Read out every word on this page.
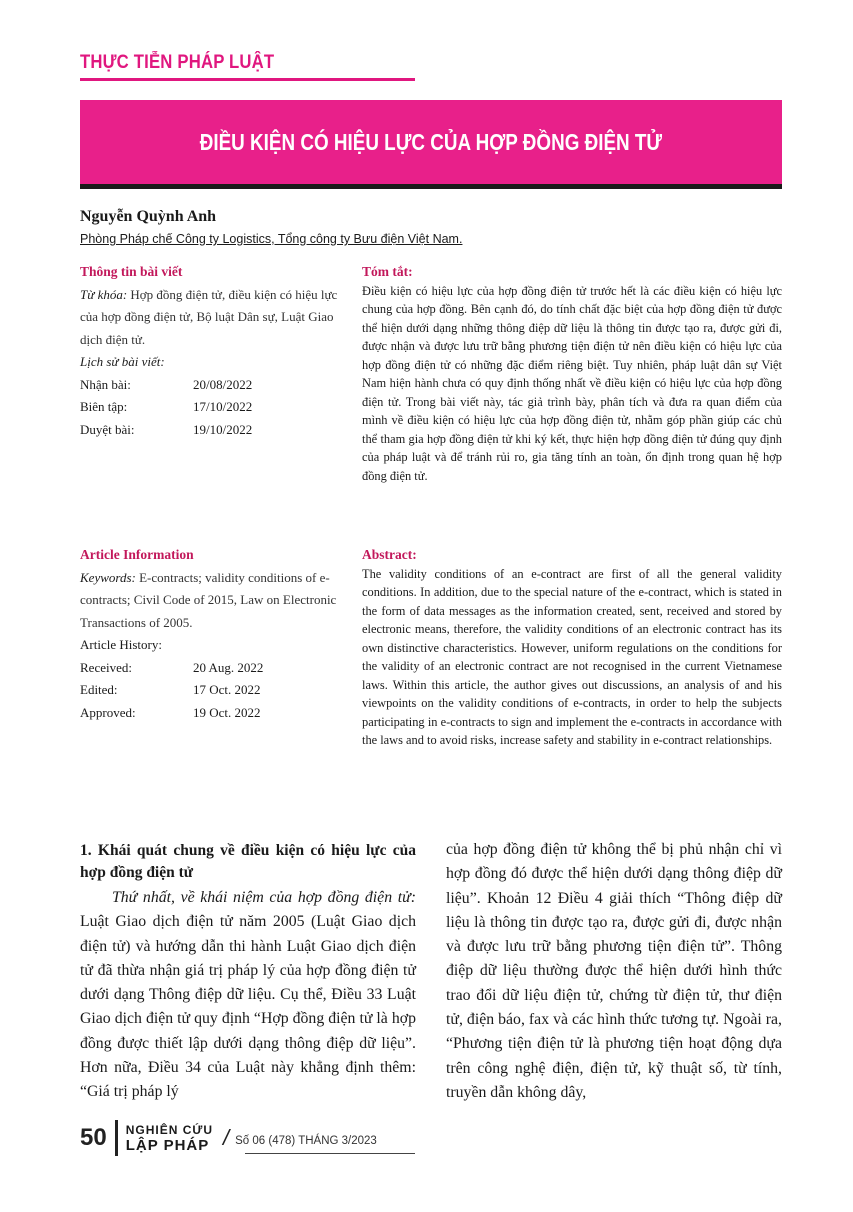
THỰC TIỄN PHÁP LUẬT
ĐIỀU KIỆN CÓ HIỆU LỰC CỦA HỢP ĐỒNG ĐIỆN TỬ
Nguyễn Quỳnh Anh
Phòng Pháp chế Công ty Logistics, Tổng công ty Bưu điện Việt Nam.
Thông tin bài viết
Từ khóa: Hợp đồng điện tử, điều kiện có hiệu lực của hợp đồng điện tử, Bộ luật Dân sự, Luật Giao dịch điện tử.
Lịch sử bài viết:
Nhận bài:	20/08/2022
Biên tập:	17/10/2022
Duyệt bài:	19/10/2022
Tóm tắt:

Điều kiện có hiệu lực của hợp đồng điện tử trước hết là các điều kiện có hiệu lực chung của hợp đồng. Bên cạnh đó, do tính chất đặc biệt của hợp đồng điện tử được thể hiện dưới dạng những thông điệp dữ liệu là thông tin được tạo ra, được gửi đi, được nhận và được lưu trữ bằng phương tiện điện tử nên điều kiện có hiệu lực của hợp đồng điện tử có những đặc điểm riêng biệt. Tuy nhiên, pháp luật dân sự Việt Nam hiện hành chưa có quy định thống nhất về điều kiện có hiệu lực của hợp đồng điện tử. Trong bài viết này, tác giả trình bày, phân tích và đưa ra quan điểm của mình về điều kiện có hiệu lực của hợp đồng điện tử, nhằm góp phần giúp các chủ thể tham gia hợp đồng điện tử khi ký kết, thực hiện hợp đồng điện tử đúng quy định của pháp luật và để tránh rủi ro, gia tăng tính an toàn, ổn định trong quan hệ hợp đồng điện tử.

Article Information
Keywords: E-contracts; validity conditions of e-contracts; Civil Code of 2015, Law on Electronic Transactions of 2005.
Article History:
Received:	20 Aug. 2022
Edited:	17 Oct. 2022
Approved:	19 Oct. 2022
Abstract:

The validity conditions of an e-contract are first of all the general validity conditions. In addition, due to the special nature of the e-contract, which is stated in the form of data messages as the information created, sent, received and stored by electronic means, therefore, the validity conditions of an electronic contract has its own distinctive characteristics. However, uniform regulations on the conditions for the validity of an electronic contract are not recognised in the current Vietnamese laws. Within this article, the author gives out discussions, an analysis of and his viewpoints on the validity conditions of e-contracts, in order to help the subjects participating in e-contracts to sign and implement the e-contracts in accordance with the laws and to avoid risks, increase safety and stability in e-contract relationships.

1. Khái quát chung về điều kiện có hiệu lực của hợp đồng điện tử

Thứ nhất, về khái niệm của hợp đồng điện tử: Luật Giao dịch điện tử năm 2005 (Luật Giao dịch điện tử) và hướng dẫn thi hành Luật Giao dịch điện tử đã thừa nhận giá trị pháp lý của hợp đồng điện tử dưới dạng Thông điệp dữ liệu. Cụ thể, Điều 33 Luật Giao dịch điện tử quy định “Hợp đồng điện tử là hợp đồng được thiết lập dưới dạng thông điệp dữ liệu”. Hơn nữa, Điều 34 của Luật này khẳng định thêm: “Giá trị pháp lý

của hợp đồng điện tử không thể bị phủ nhận chỉ vì hợp đồng đó được thể hiện dưới dạng thông điệp dữ liệu”. Khoản 12 Điều 4 giải thích “Thông điệp dữ liệu là thông tin được tạo ra, được gửi đi, được nhận và được lưu trữ bằng phương tiện điện tử”. Thông điệp dữ liệu thường được thể hiện dưới hình thức trao đổi dữ liệu điện tử, chứng từ điện tử, thư điện tử, điện báo, fax và các hình thức tương tự. Ngoài ra, “Phương tiện điện tử là phương tiện hoạt động dựa trên công nghệ điện, điện tử, kỹ thuật số, từ tính, truyền dẫn không dây,

50 NGHIÊN CỨU
LẬP PHÁP / Số 06 (478) THÁNG 3/2023
